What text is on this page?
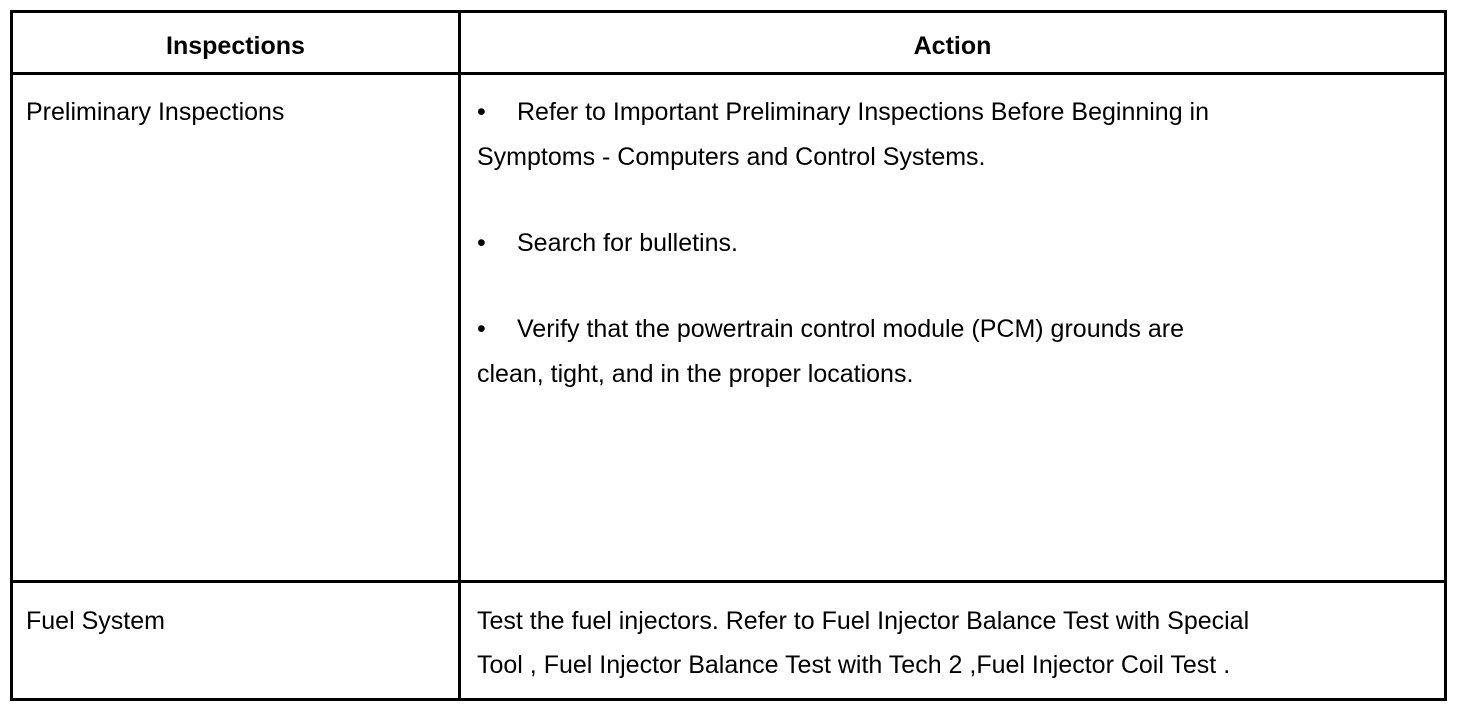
Inspections	Action
Preliminary Inspections	• Refer to Important Preliminary Inspections Before Beginning in
Symptoms - Computers and Control Systems.
• Search for bulletins.
• Verify that the powertrain control module (PCM) grounds are
clean, tight, and in the proper locations.
Fuel System	Test the fuel injectors. Refer to Fuel Injector Balance Test with Special
Tool , Fuel Injector Balance Test with Tech 2 ,Fuel Injector Coil Test .
